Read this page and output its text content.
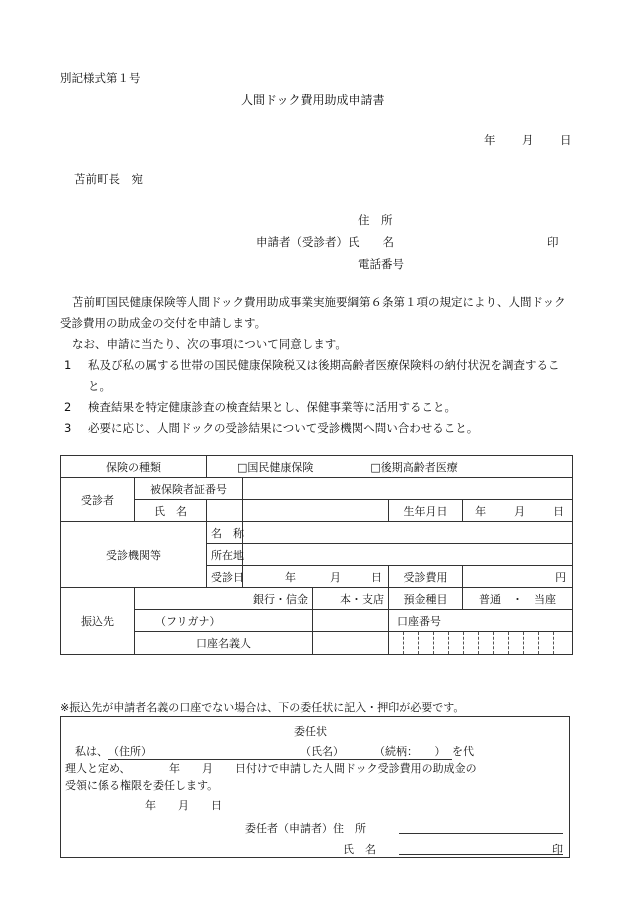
別記様式第１号
人間ドック費用助成申請書
年 月 日
苫前町長　宛
住　所
申請者（受診者）氏　　名	印
電話番号
苫前町国民健康保険等人間ドック費用助成事業実施要綱第６条第１項の規定により、人間ドック受診費用の助成金の交付を申請します。
なお、申請に当たり、次の事項について同意します。
1	私及び私の属する世帯の国民健康保険税又は後期高齢者医療保険料の納付状況を調査すること。
2	検査結果を特定健康診査の検査結果とし、保健事業等に活用すること。
3	必要に応じ、人間ドックの受診結果について受診機関へ問い合わせること。
保険の種類		□国民健康保険 □後期高齢者医療				
受診者	被保険者証番号					
	氏　名				生年月日	年 月 日
受診機関等		名　称				
		所在地				
		受診日	年 月 日		受診費用	円
振込先	銀行・信金			本・支店	預金種目	普通　・　当座
	（フリガナ）				口座番号	
	口座名義人					
※振込先が申請者名義の口座でない場合は、下の委任状に記入・押印が必要です。
委任状
私は、（住所）	（氏名）	（続柄：　　） を代
理人と定め、　　　　年　　月　　日付けで申請した人間ドック受診費用の助成金の
受領に係る権限を委任します。
年　　月　　日
委任者（申請者）住　所
氏　名	印
